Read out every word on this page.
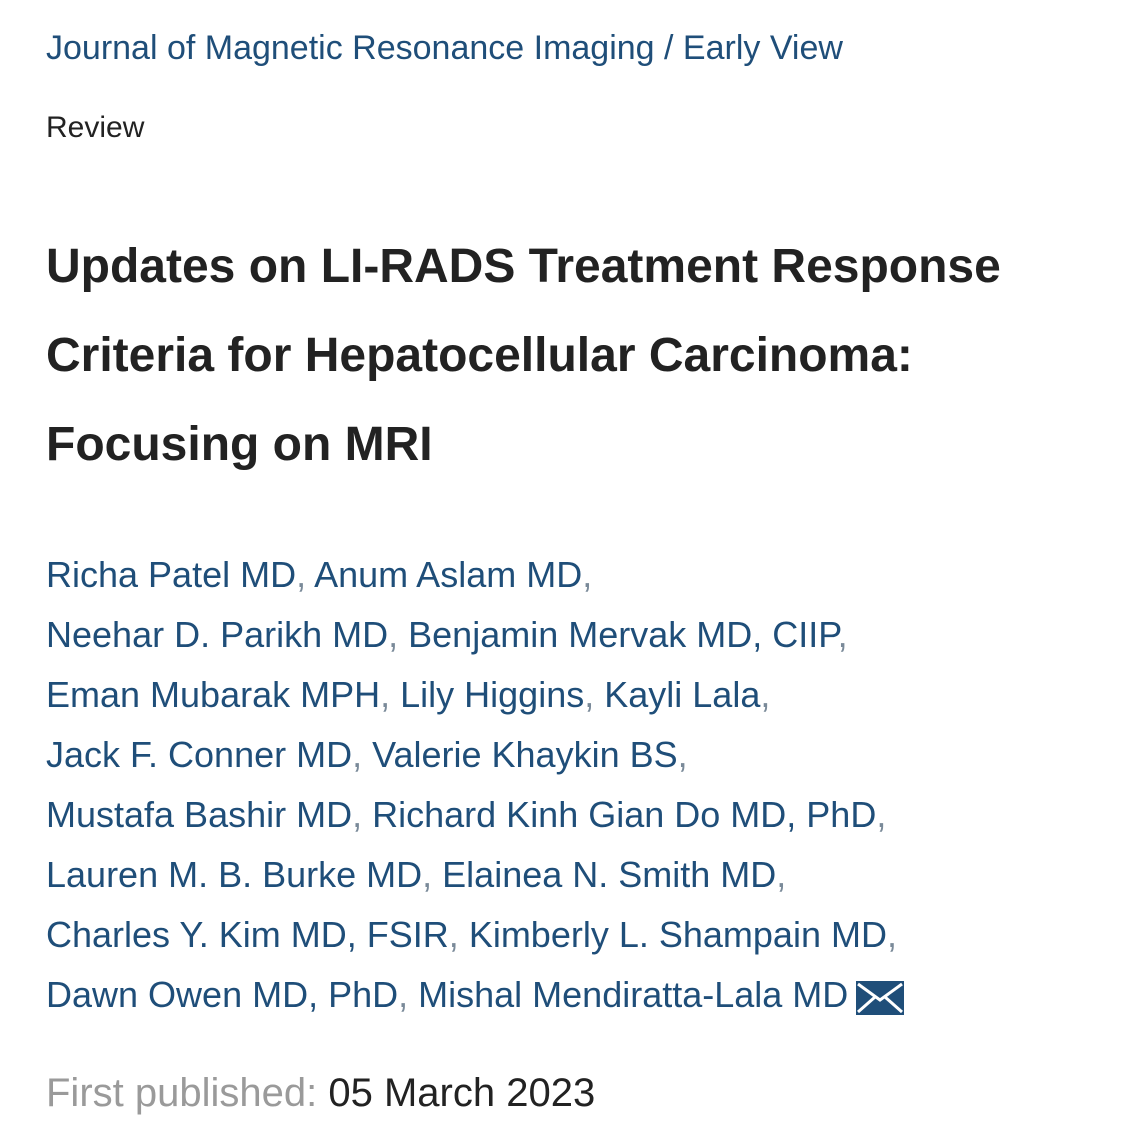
Journal of Magnetic Resonance Imaging / Early View
Review
Updates on LI-RADS Treatment Response
Criteria for Hepatocellular Carcinoma:
Focusing on MRI
Richa Patel MD, Anum Aslam MD,
Neehar D. Parikh MD, Benjamin Mervak MD, CIIP,
Eman Mubarak MPH, Lily Higgins, Kayli Lala,
Jack F. Conner MD, Valerie Khaykin BS,
Mustafa Bashir MD, Richard Kinh Gian Do MD, PhD,
Lauren M. B. Burke MD, Elainea N. Smith MD,
Charles Y. Kim MD, FSIR, Kimberly L. Shampain MD,
Dawn Owen MD, PhD, Mishal Mendiratta-Lala MD
First published: 05 March 2023
